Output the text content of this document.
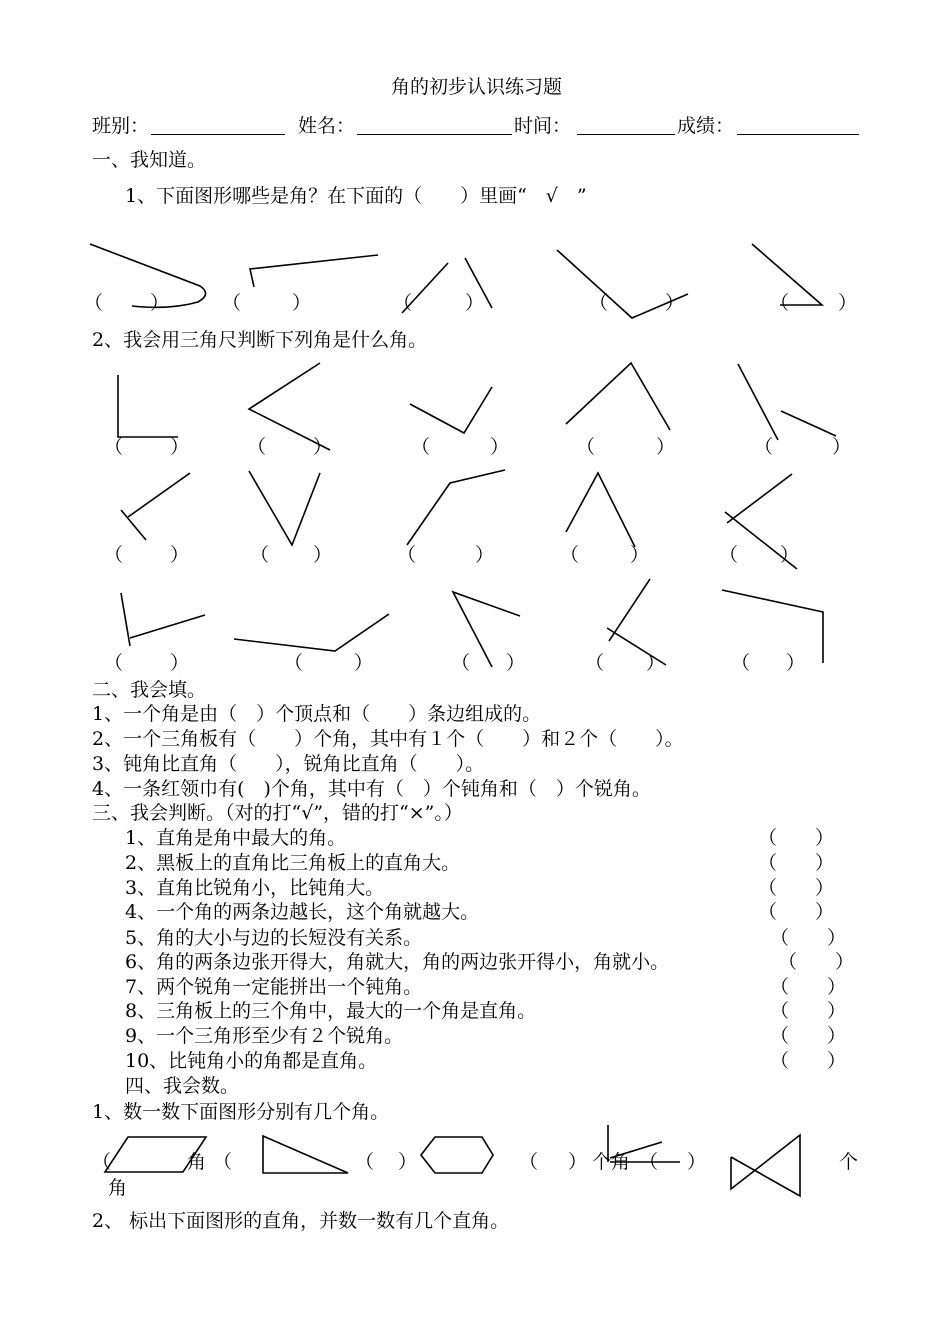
角的初步认识练习题
班别：	姓名：	时间：	成绩：
一、我知道。
1、下面图形哪些是角？在下面的（　　）里画“　√　”
（ ）	（	）	（	）	（	）	（	）
2、我会用三角尺判断下列角是什么角。
（ ）	（ ）	（	）	（	）	（	）
（ ）	（ ）	（	）	（	）	（ ）
（ ）	（	）	（ ）	（ ）	（ ）
二、我会填。
1、一个角是由（　）个顶点和（　　）条边组成的。
2、一个三角板有（　　）个角，其中有１个（　　）和２个（　　）。
3、钝角比直角（　　），锐角比直角（　　）。
4、一条红领巾有(　)个角，其中有（　）个钝角和（　）个锐角。
三、我会判断。（对的打“√”，错的打“×”。）
1、直角是角中最大的角。	（　　）
2、黑板上的直角比三角板上的直角大。	（　　）
3、直角比锐角小，比钝角大。	（　　）
4、一个角的两条边越长，这个角就越大。	（　　）
5、角的大小与边的长短没有关系。	（　　）
6、角的两条边张开得大，角就大，角的两边张开得小，角就小。	（　　）
7、两个锐角一定能拼出一个钝角。	（　　）
8、三角板上的三个角中，最大的一个角是直角。	（　　）
9、一个三角形至少有２个锐角。	（　　）
10、比钝角小的角都是直角。	（　　）
四、我会数。
1、数一数下面图形分别有几个角。
（	角 （	（ ）	（ ） 个角 （ ）	个
角
2、 标出下面图形的直角，并数一数有几个直角。
